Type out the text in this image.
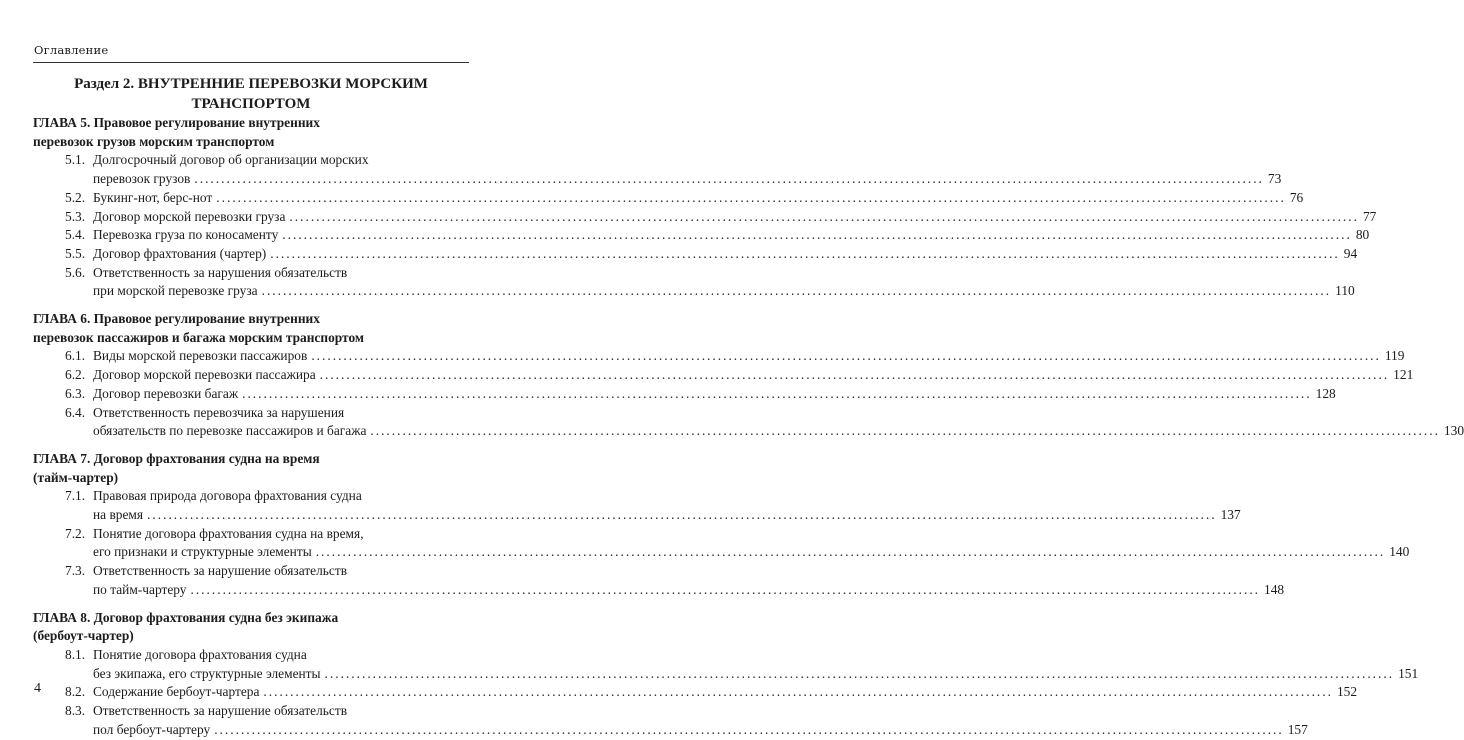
Оглавление
Раздел 2. ВНУТРЕННИЕ ПЕРЕВОЗКИ МОРСКИМ
ТРАНСПОРТОМ
ГЛАВА 5. Правовое регулирование внутренних
перевозок грузов морским транспортом
5.1. Долгосрочный договор об организации морских
перевозок грузов ........................................................................................................................................................................................................ 73
5.2. Букинг-нот, берс-нот ........................................................................................................................................................................................................ 76
5.3. Договор морской перевозки груза ........................................................................................................................................................................................................ 77
5.4. Перевозка груза по коносаменту ........................................................................................................................................................................................................ 80
5.5. Договор фрахтования (чартер) ........................................................................................................................................................................................................ 94
5.6. Ответственность за нарушения обязательств
при морской перевозке груза ........................................................................................................................................................................................................ 110
ГЛАВА 6. Правовое регулирование внутренних
перевозок пассажиров и багажа морским транспортом
6.1. Виды морской перевозки пассажиров ........................................................................................................................................................................................................ 119
6.2. Договор морской перевозки пассажира ........................................................................................................................................................................................................ 121
6.3. Договор перевозки багаж ........................................................................................................................................................................................................ 128
6.4. Ответственность перевозчика за нарушения
обязательств по перевозке пассажиров и багажа ........................................................................................................................................................................................................ 130
ГЛАВА 7. Договор фрахтования судна на время
(тайм-чартер)
7.1. Правовая природа договора фрахтования судна
на время ........................................................................................................................................................................................................ 137
7.2. Понятие договора фрахтования судна на время,
его признаки и структурные элементы ........................................................................................................................................................................................................ 140
7.3. Ответственность за нарушение обязательств
по тайм-чартеру ........................................................................................................................................................................................................ 148
ГЛАВА 8. Договор фрахтования судна без экипажа
(бербоут-чартер)
8.1. Понятие договора фрахтования судна
без экипажа, его структурные элементы ........................................................................................................................................................................................................ 151
8.2. Содержание бербоут-чартера ........................................................................................................................................................................................................ 152
8.3. Ответственность за нарушение обязательств
пол бербоут-чартеру ........................................................................................................................................................................................................ 157
4
